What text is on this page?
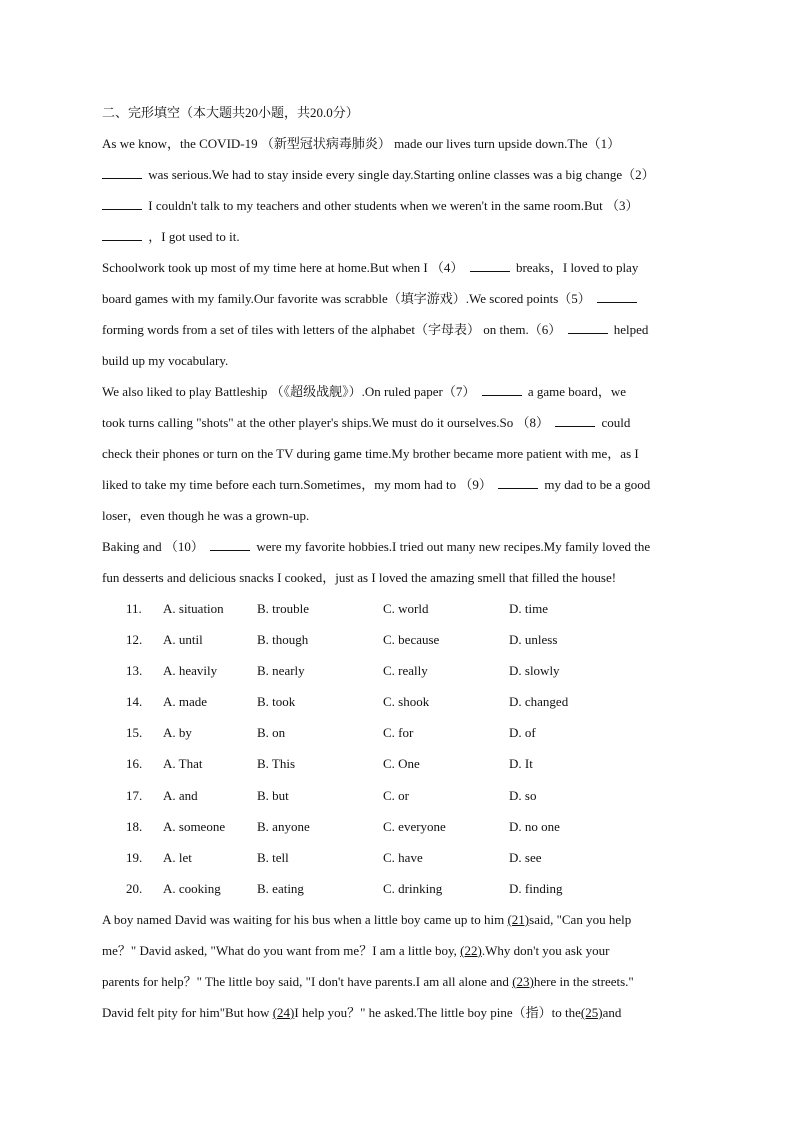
二、完形填空（本大题共20小题，共20.0分）
As we know，the COVID-19 （新型冠状病毒肺炎） made our lives turn upside down.The（1）
was serious.We had to stay inside every single day.Starting online classes was a big change（2）
I couldn't talk to my teachers and other students when we weren't in the same room.But （3）
，I got used to it.
Schoolwork took up most of my time here at home.But when I （4）	breaks，I loved to play
board games with my family.Our favorite was scrabble（填字游戏）.We scored points（5）
forming words from a set of tiles with letters of the alphabet（字母表） on them.（6）	helped
build up my vocabulary.
We also liked to play Battleship （《超级战舰》）.On ruled paper（7）	a game board，we
took turns calling "shots" at the other player's ships.We must do it ourselves.So （8）	could
check their phones or turn on the TV during game time.My brother became more patient with me，as I
liked to take my time before each turn.Sometimes，my mom had to （9）	my dad to be a good
loser，even though he was a grown-up.
Baking and （10）	were my favorite hobbies.I tried out many new recipes.My family loved the
fun desserts and delicious snacks I cooked，just as I loved the amazing smell that filled the house!
11.	A. situation	B. trouble	C. world	D. time
12.	A. until	B. though	C. because	D. unless
13.	A. heavily	B. nearly	C. really	D. slowly
14.	A. made	B. took	C. shook	D. changed
15.	A. by	B. on	C. for	D. of
16.	A. That	B. This	C. One	D. It
17.	A. and	B. but	C. or	D. so
18.	A. someone	B. anyone	C. everyone	D. no one
19.	A. let	B. tell	C. have	D. see
20.	A. cooking	B. eating	C. drinking	D. finding
A boy named David was waiting for his bus when a little boy came up to him (21)said, "Can you help
me？" David asked, "What do you want from me？I am a little boy, (22).Why don't you ask your
parents for help？" The little boy said, "I don't have parents.I am all alone and (23)here in the streets."
David felt pity for him"But how (24)I help you？" he asked.The little boy pine（指）to the(25)and
